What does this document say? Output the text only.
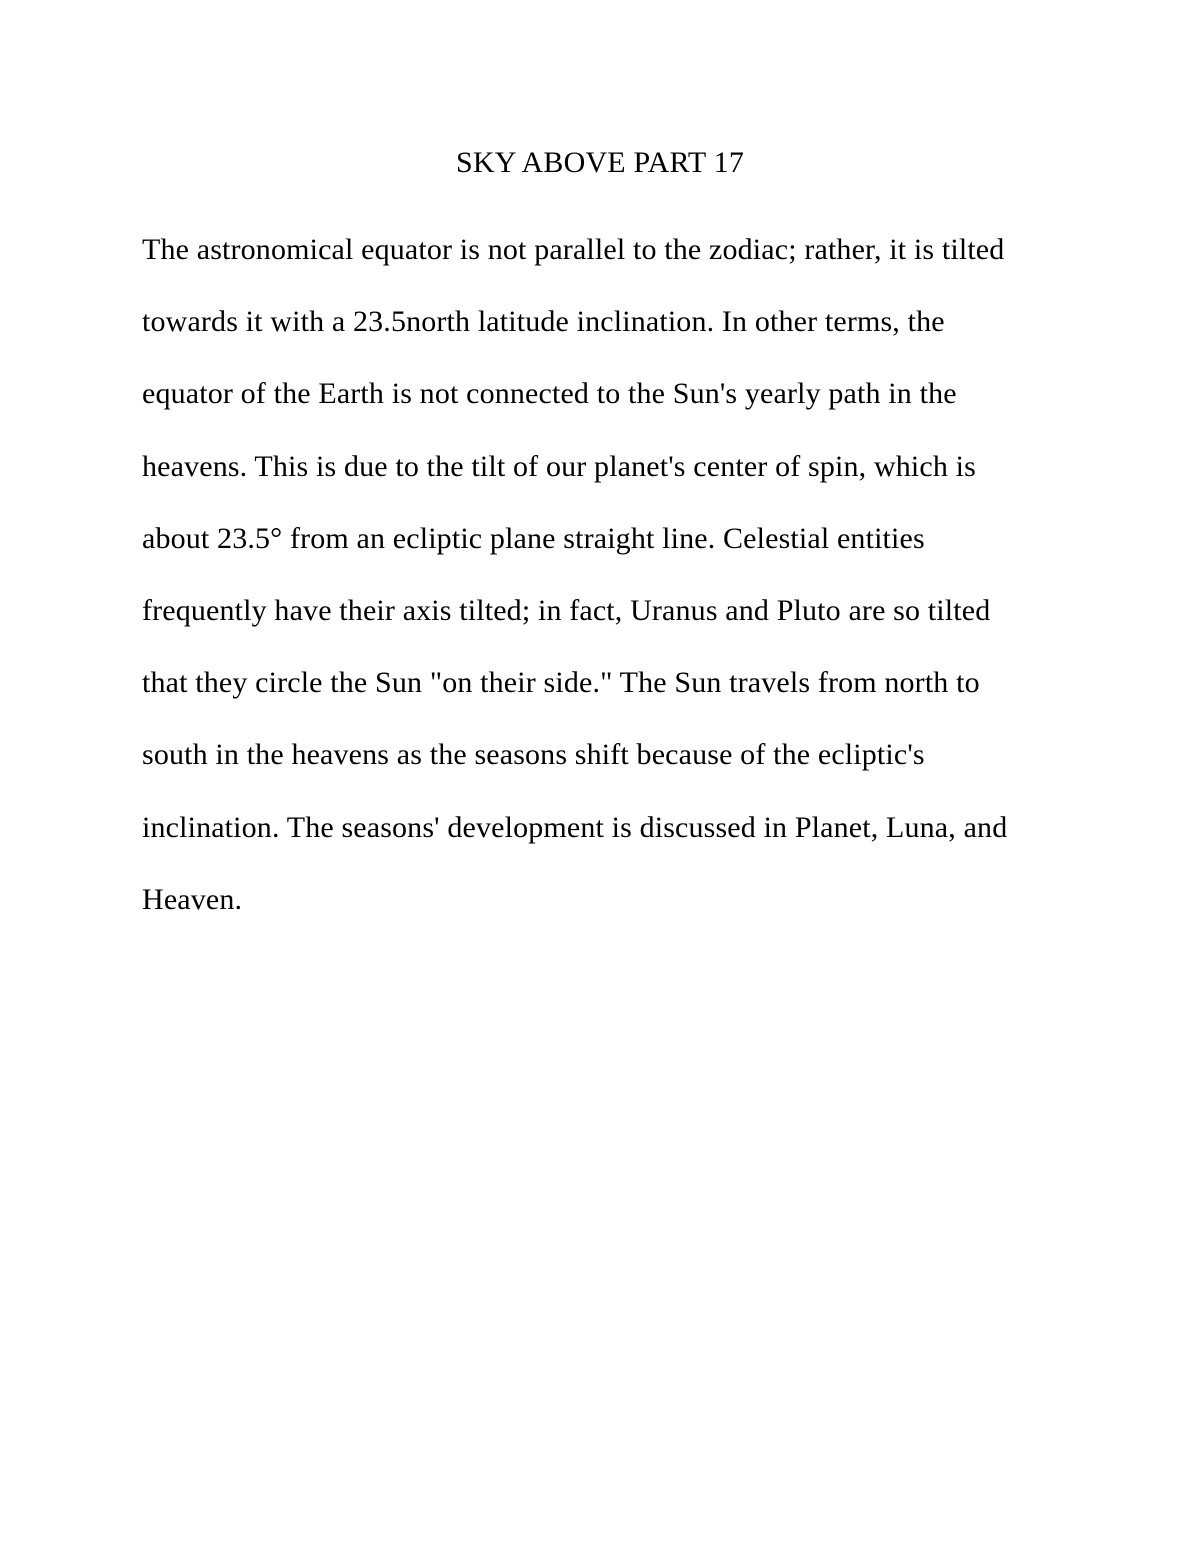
SKY ABOVE PART 17
The astronomical equator is not parallel to the zodiac; rather, it is tilted
towards it with a 23.5north latitude inclination. In other terms, the
equator of the Earth is not connected to the Sun's yearly path in the
heavens. This is due to the tilt of our planet's center of spin, which is
about 23.5° from an ecliptic plane straight line. Celestial entities
frequently have their axis tilted; in fact, Uranus and Pluto are so tilted
that they circle the Sun "on their side." The Sun travels from north to
south in the heavens as the seasons shift because of the ecliptic's
inclination. The seasons' development is discussed in Planet, Luna, and
Heaven.
